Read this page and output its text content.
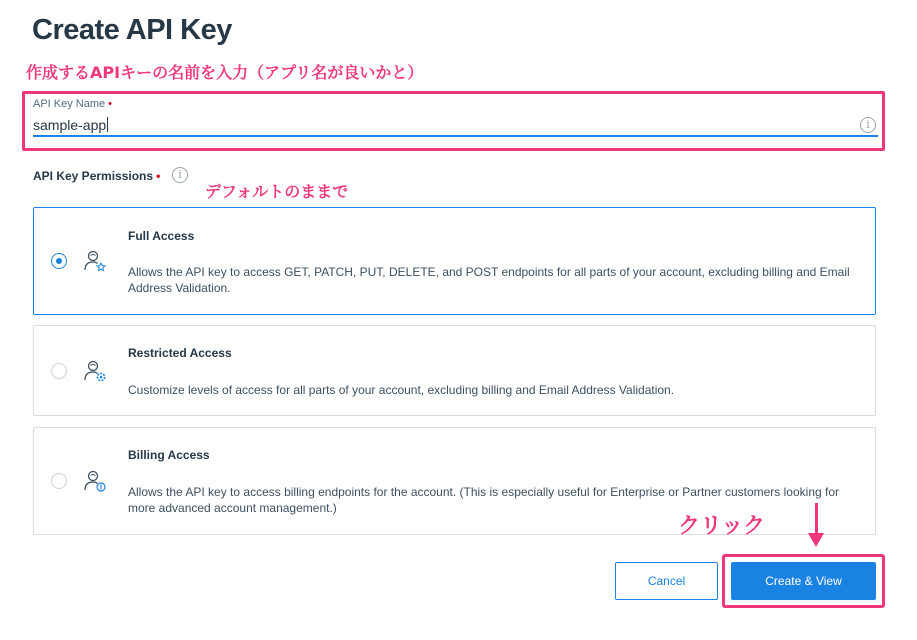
Create API Key
作成するAPIキーの名前を入力（アプリ名が良いかと）
API Key Name •
sample-app	i
API Key Permissions •	i
デフォルトのままで
Full Access
Allows the API key to access GET, PATCH, PUT, DELETE, and POST endpoints for all parts of your account, excluding billing and Email Address Validation.
Restricted Access
Customize levels of access for all parts of your account, excluding billing and Email Address Validation.
Billing Access
Allows the API key to access billing endpoints for the account. (This is especially useful for Enterprise or Partner customers looking for more advanced account management.)
クリック
Cancel	Create & View
